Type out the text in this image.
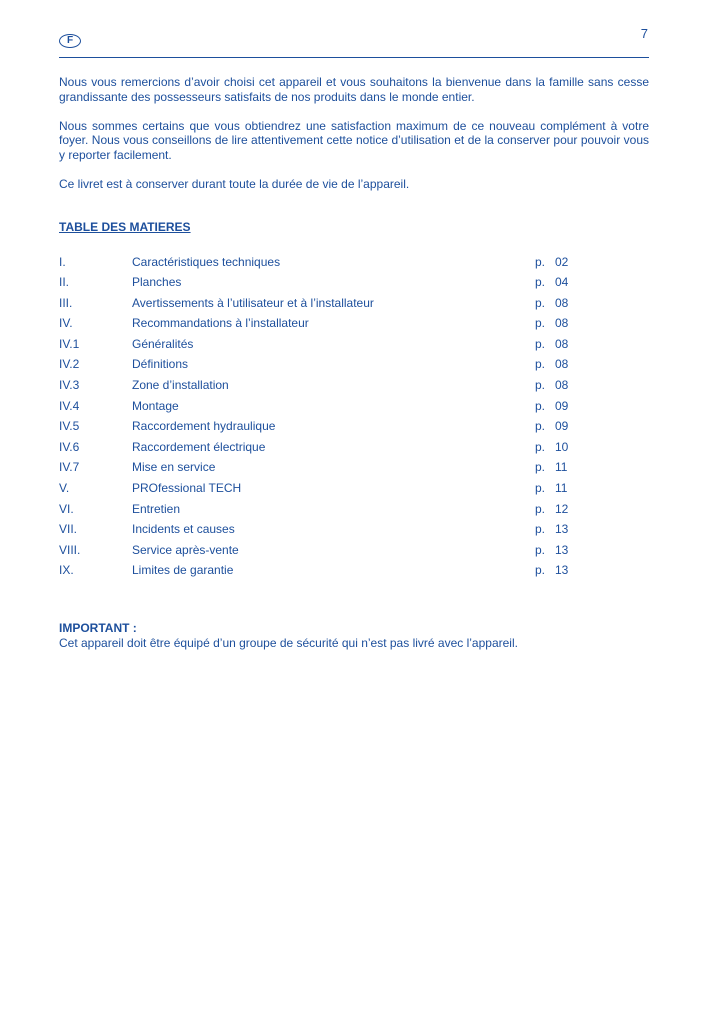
F	7

Nous vous remercions d’avoir choisi cet appareil et vous souhaitons la bienvenue dans la famille sans cesse grandissante des possesseurs satisfaits de nos produits dans le monde entier.

Nous sommes certains que vous obtiendrez une satisfaction maximum de ce nouveau complément à votre foyer. Nous vous conseillons de lire attentivement cette notice d’utilisation et de la conserver pour pouvoir vous y reporter facilement.

Ce livret est à conserver durant toute la durée de vie de l’appareil.

TABLE DES MATIERES
I.	Caractéristiques techniques	p. 02
II.	Planches	p. 04
III.	Avertissements à l’utilisateur et à l’installateur	p. 08
IV.	Recommandations à l’installateur	p. 08
IV.1	Généralités	p. 08
IV.2	Définitions	p. 08
IV.3	Zone d’installation	p. 08
IV.4	Montage	p. 09
IV.5	Raccordement hydraulique	p. 09
IV.6	Raccordement électrique	p. 10
IV.7	Mise en service	p. 11
V.	PROfessional TECH	p. 11
VI.	Entretien	p. 12
VII.	Incidents et causes	p. 13
VIII.	Service après-vente	p. 13
IX.	Limites de garantie	p. 13
IMPORTANT :
Cet appareil doit être équipé d’un groupe de sécurité qui n’est pas livré avec l’appareil.
